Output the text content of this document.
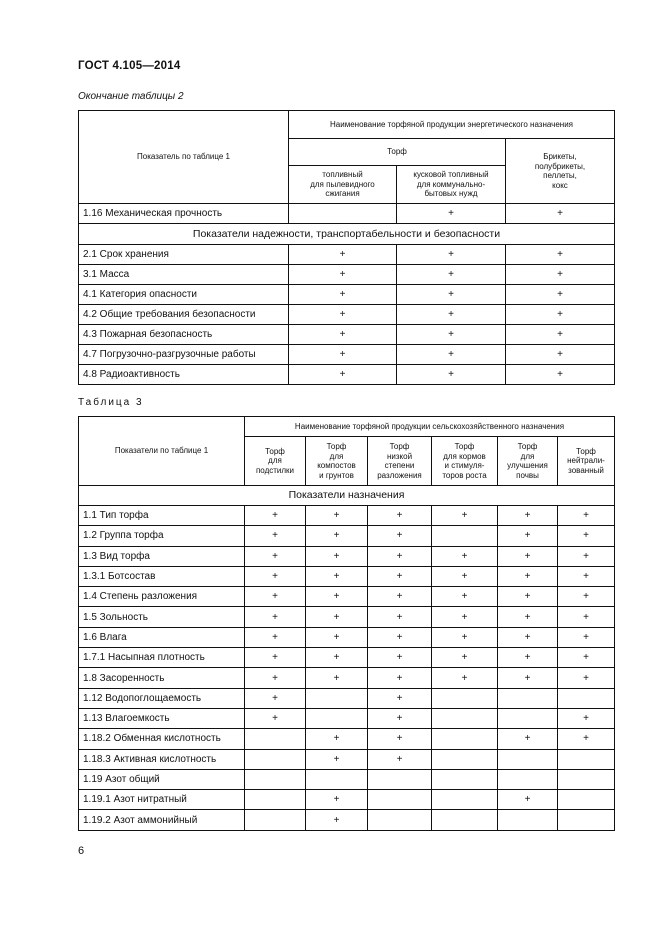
ГОСТ 4.105—2014
Окончание таблицы 2
Показатель по таблице 1	Наименование торфяной продукции энергетического назначения		
	Торф		Брикеты,
полубрикеты,
пеллеты,
кокс
	топливный
для пылевидного
сжигания	кусковой топливный
для коммунально-
бытовых нужд	
1.16 Механическая прочность		+	+
Показатели надежности, транспортабельности и безопасности			
2.1 Срок хранения	+	+	+
3.1 Масса	+	+	+
4.1 Категория опасности	+	+	+
4.2 Общие требования безопасности	+	+	+
4.3 Пожарная безопасность	+	+	+
4.7 Погрузочно-разгрузочные работы	+	+	+
4.8 Радиоактивность	+	+	+
Таблица 3
Показатели по таблице 1	Наименование торфяной продукции сельскохозяйственного назначения					
	Торф
для
подстилки	Торф
для
компостов
и грунтов	Торф
низкой
степени
разложения	Торф
для кормов
и стимуля-
торов роста	Торф
для
улучшения
почвы	Торф
нейтрали-
зованный
Показатели назначения						
1.1 Тип торфа	+	+	+	+	+	+
1.2 Группа торфа	+	+	+		+	+
1.3 Вид торфа	+	+	+	+	+	+
1.3.1 Ботсостав	+	+	+	+	+	+
1.4 Степень разложения	+	+	+	+	+	+
1.5 Зольность	+	+	+	+	+	+
1.6 Влага	+	+	+	+	+	+
1.7.1 Насыпная плотность	+	+	+	+	+	+
1.8 Засоренность	+	+	+	+	+	+
1.12 Водопоглощаемость	+		+			
1.13 Влагоемкость	+		+			+
1.18.2 Обменная кислотность		+	+		+	+
1.18.3 Активная кислотность		+	+			
1.19 Азот общий						
1.19.1 Азот нитратный		+			+	
1.19.2 Азот аммонийный		+				
6
